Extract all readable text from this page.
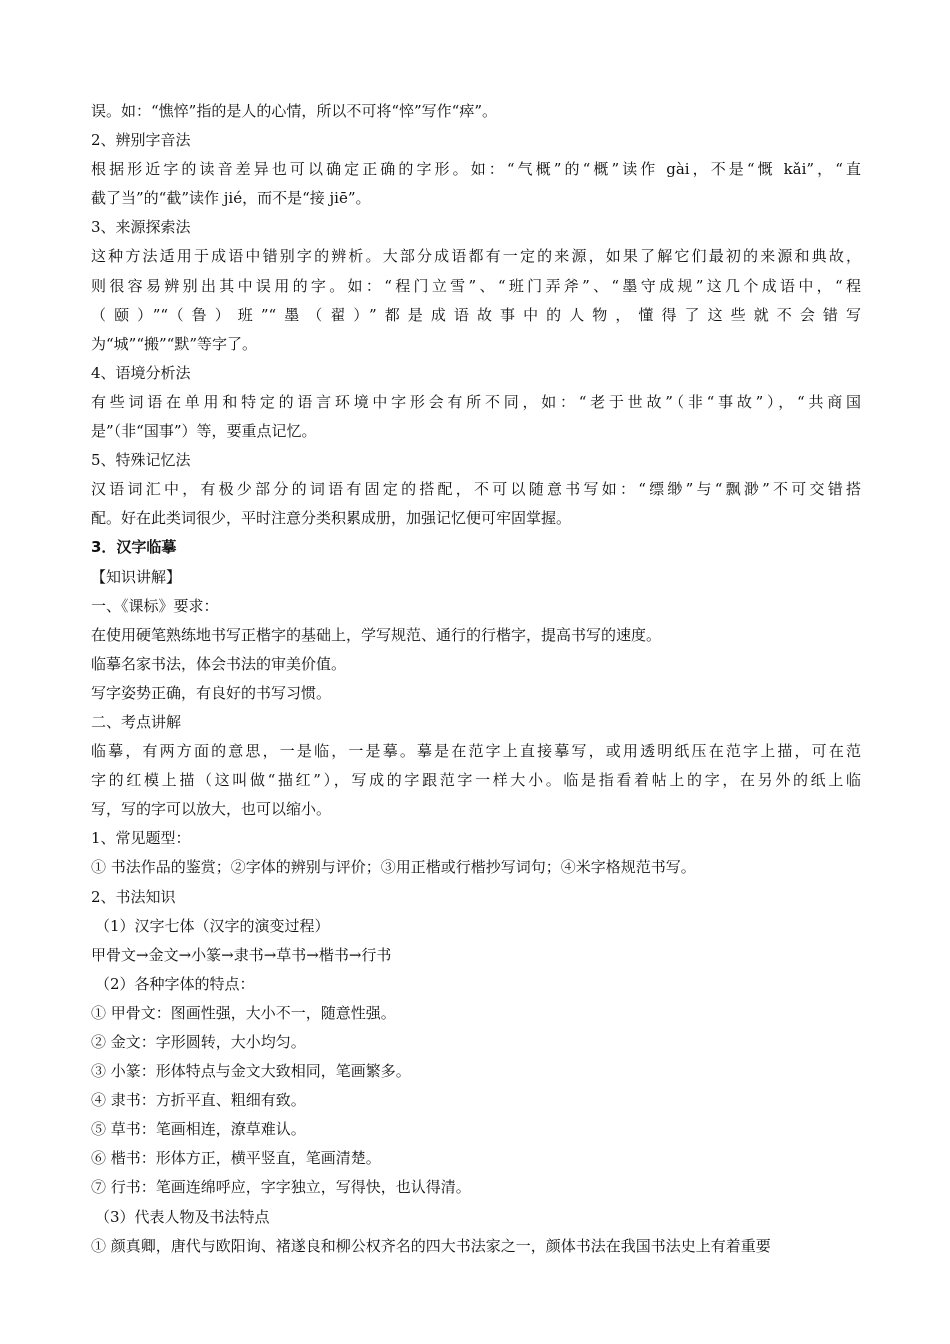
误。如：“憔悴”指的是人的心情，所以不可将“悴”写作“瘁”。
2、辨别字音法
根据形近字的读音差异也可以确定正确的字形。如：“气概”的“概”读作 gài，不是“慨 kǎi”，“直
截了当”的“截”读作 jié，而不是“接 jiē”。
3、来源探索法
这种方法适用于成语中错别字的辨析。大部分成语都有一定的来源，如果了解它们最初的来源和典故，
则很容易辨别出其中误用的字。如：“程门立雪”、“班门弄斧”、“墨守成规”这几个成语中，“程
（颐）”“（鲁）班”“墨（翟）”都是成语故事中的人物，懂得了这些就不会错写
为“城”“搬”“默”等字了。
4、语境分析法
有些词语在单用和特定的语言环境中字形会有所不同，如：“老于世故”（非“事故”），“共商国
是”（非“国事”）等，要重点记忆。
5、特殊记忆法
汉语词汇中，有极少部分的词语有固定的搭配，不可以随意书写如：“缥缈”与“飘渺”不可交错搭
配。好在此类词很少，平时注意分类积累成册，加强记忆便可牢固掌握。
3．汉字临摹
【知识讲解】
一、《课标》要求：
在使用硬笔熟练地书写正楷字的基础上，学写规范、通行的行楷字，提高书写的速度。
临摹名家书法，体会书法的审美价值。
写字姿势正确，有良好的书写习惯。
二、考点讲解
临摹，有两方面的意思，一是临，一是摹。摹是在范字上直接摹写，或用透明纸压在范字上描，可在范
字的红模上描（这叫做“描红”），写成的字跟范字一样大小。临是指看着帖上的字，在另外的纸上临
写，写的字可以放大，也可以缩小。
1、常见题型：
① 书法作品的鉴赏；②字体的辨别与评价；③用正楷或行楷抄写词句；④米字格规范书写。
2、书法知识
（1）汉字七体（汉字的演变过程）
甲骨文→金文→小篆→隶书→草书→楷书→行书
（2）各种字体的特点：
① 甲骨文：图画性强，大小不一，随意性强。
② 金文：字形圆转，大小均匀。
③ 小篆：形体特点与金文大致相同，笔画繁多。
④ 隶书：方折平直、粗细有致。
⑤ 草书：笔画相连，潦草难认。
⑥ 楷书：形体方正，横平竖直，笔画清楚。
⑦ 行书：笔画连绵呼应，字字独立，写得快，也认得清。
（3）代表人物及书法特点
① 颜真卿，唐代与欧阳询、褚遂良和柳公权齐名的四大书法家之一，颜体书法在我国书法史上有着重要
